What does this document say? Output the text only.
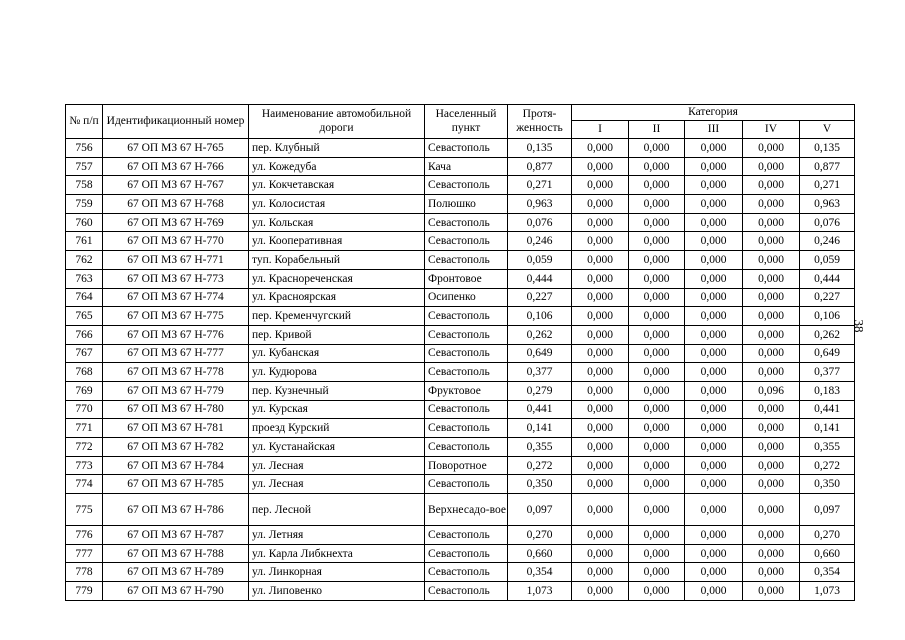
№ п/п	Идентификационный номер	Наименование автомобильной дороги	Населенный пункт	Протя-женность	Категория				
					I	II	III	IV	V
756	67 ОП МЗ 67 Н-765	пер. Клубный	Севастополь	0,135	0,000	0,000	0,000	0,000	0,135
757	67 ОП МЗ 67 Н-766	ул. Кожедуба	Кача	0,877	0,000	0,000	0,000	0,000	0,877
758	67 ОП МЗ 67 Н-767	ул. Кокчетавская	Севастополь	0,271	0,000	0,000	0,000	0,000	0,271
759	67 ОП МЗ 67 Н-768	ул. Колосистая	Полюшко	0,963	0,000	0,000	0,000	0,000	0,963
760	67 ОП МЗ 67 Н-769	ул. Кольская	Севастополь	0,076	0,000	0,000	0,000	0,000	0,076
761	67 ОП МЗ 67 Н-770	ул. Кооперативная	Севастополь	0,246	0,000	0,000	0,000	0,000	0,246
762	67 ОП МЗ 67 Н-771	туп. Корабельный	Севастополь	0,059	0,000	0,000	0,000	0,000	0,059
763	67 ОП МЗ 67 Н-773	ул. Краснореченская	Фронтовое	0,444	0,000	0,000	0,000	0,000	0,444
764	67 ОП МЗ 67 Н-774	ул. Красноярская	Осипенко	0,227	0,000	0,000	0,000	0,000	0,227
765	67 ОП МЗ 67 Н-775	пер. Кременчугский	Севастополь	0,106	0,000	0,000	0,000	0,000	0,106
766	67 ОП МЗ 67 Н-776	пер. Кривой	Севастополь	0,262	0,000	0,000	0,000	0,000	0,262
767	67 ОП МЗ 67 Н-777	ул. Кубанская	Севастополь	0,649	0,000	0,000	0,000	0,000	0,649
768	67 ОП МЗ 67 Н-778	ул. Кудюрова	Севастополь	0,377	0,000	0,000	0,000	0,000	0,377
769	67 ОП МЗ 67 Н-779	пер. Кузнечный	Фруктовое	0,279	0,000	0,000	0,000	0,096	0,183
770	67 ОП МЗ 67 Н-780	ул. Курская	Севастополь	0,441	0,000	0,000	0,000	0,000	0,441
771	67 ОП МЗ 67 Н-781	проезд Курский	Севастополь	0,141	0,000	0,000	0,000	0,000	0,141
772	67 ОП МЗ 67 Н-782	ул. Кустанайская	Севастополь	0,355	0,000	0,000	0,000	0,000	0,355
773	67 ОП МЗ 67 Н-784	ул. Лесная	Поворотное	0,272	0,000	0,000	0,000	0,000	0,272
774	67 ОП МЗ 67 Н-785	ул. Лесная	Севастополь	0,350	0,000	0,000	0,000	0,000	0,350
775	67 ОП МЗ 67 Н-786	пер. Лесной	Верхнесадо-вое	0,097	0,000	0,000	0,000	0,000	0,097
776	67 ОП МЗ 67 Н-787	ул. Летняя	Севастополь	0,270	0,000	0,000	0,000	0,000	0,270
777	67 ОП МЗ 67 Н-788	ул. Карла Либкнехта	Севастополь	0,660	0,000	0,000	0,000	0,000	0,660
778	67 ОП МЗ 67 Н-789	ул. Линкорная	Севастополь	0,354	0,000	0,000	0,000	0,000	0,354
779	67 ОП МЗ 67 Н-790	ул. Липовенко	Севастополь	1,073	0,000	0,000	0,000	0,000	1,073
38
